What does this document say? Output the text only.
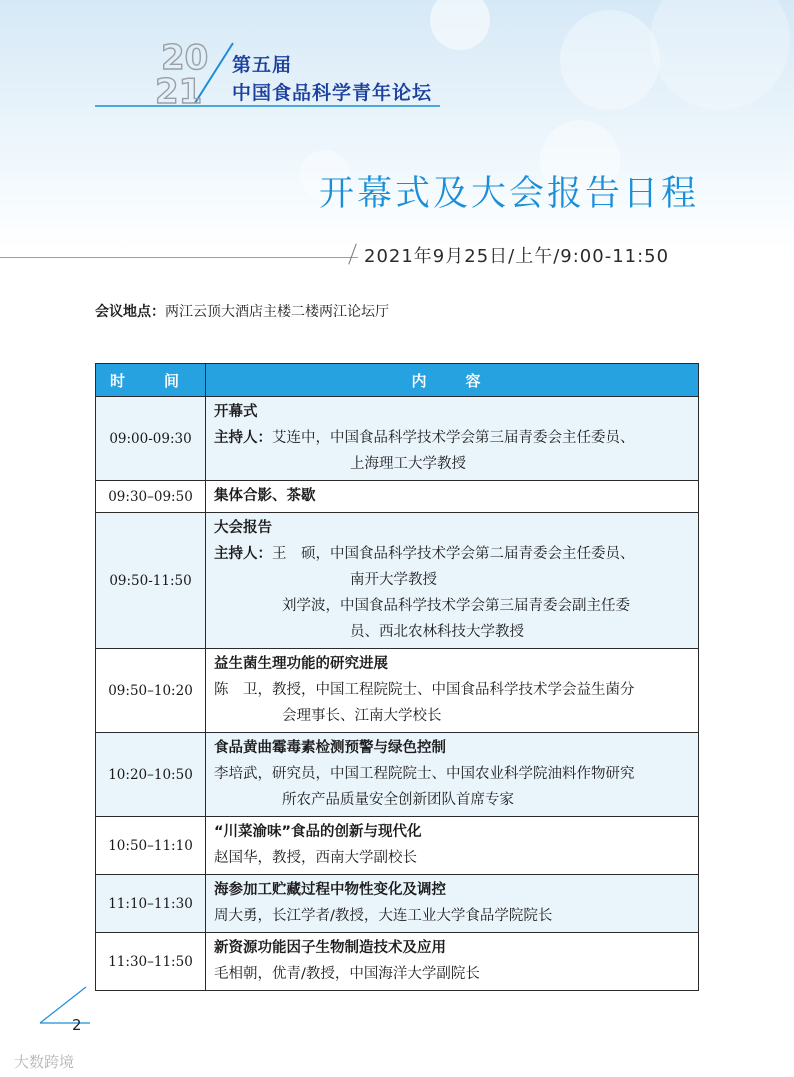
20
21
第五届
中国食品科学青年论坛
开幕式及大会报告日程
2021年9月25日/上午/9:00-11:50
会议地点：两江云顶大酒店主楼二楼两江论坛厅
时　间	内　容
09:00-09:30	开幕式
主持人：艾连中，中国食品科学技术学会第三届青委会主任委员、
上海理工大学教授

09:30–09:50	集体合影、茶歇

09:50-11:50	大会报告
主持人：王　硕，中国食品科学技术学会第二届青委会主任委员、
南开大学教授
刘学波，中国食品科学技术学会第三届青委会副主任委
员、西北农林科技大学教授

09:50–10:20	益生菌生理功能的研究进展
陈　卫，教授，中国工程院院士、中国食品科学技术学会益生菌分
会理事长、江南大学校长

10:20–10:50	食品黄曲霉毒素检测预警与绿色控制
李培武，研究员，中国工程院院士、中国农业科学院油料作物研究
所农产品质量安全创新团队首席专家

10:50–11:10	“川菜渝味”食品的创新与现代化
赵国华，教授，西南大学副校长

11:10–11:30	海参加工贮藏过程中物性变化及调控
周大勇，长江学者/教授，大连工业大学食品学院院长

11:30–11:50	新资源功能因子生物制造技术及应用
毛相朝，优青/教授，中国海洋大学副院长
2
大数跨境
